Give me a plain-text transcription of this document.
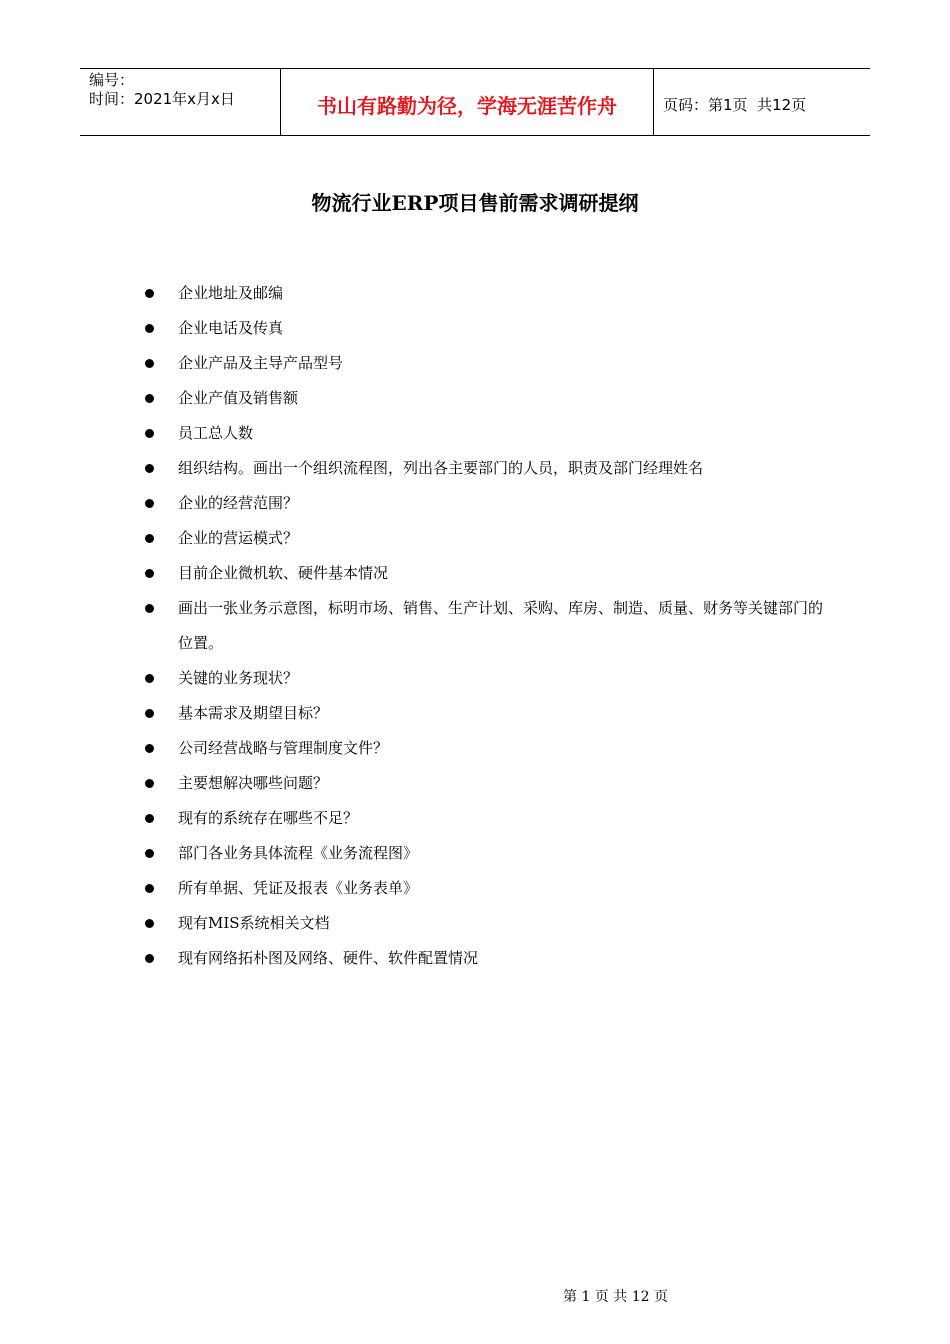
编号：
时间：2021年x月x日	书山有路勤为径，学海无涯苦作舟	页码：第1页  共12页
物流行业ERP项目售前需求调研提纲
企业地址及邮编
企业电话及传真
企业产品及主导产品型号
企业产值及销售额
员工总人数
组织结构。画出一个组织流程图，列出各主要部门的人员，职责及部门经理姓名
企业的经营范围？
企业的营运模式？
目前企业微机软、硬件基本情况
画出一张业务示意图，标明市场、销售、生产计划、采购、库房、制造、质量、财务等关键部门的位置。
关键的业务现状？
基本需求及期望目标？
公司经营战略与管理制度文件？
主要想解决哪些问题？
现有的系统存在哪些不足？
部门各业务具体流程《业务流程图》
所有单据、凭证及报表《业务表单》
现有MIS系统相关文档
现有网络拓朴图及网络、硬件、软件配置情况
第 1 页 共 12 页
